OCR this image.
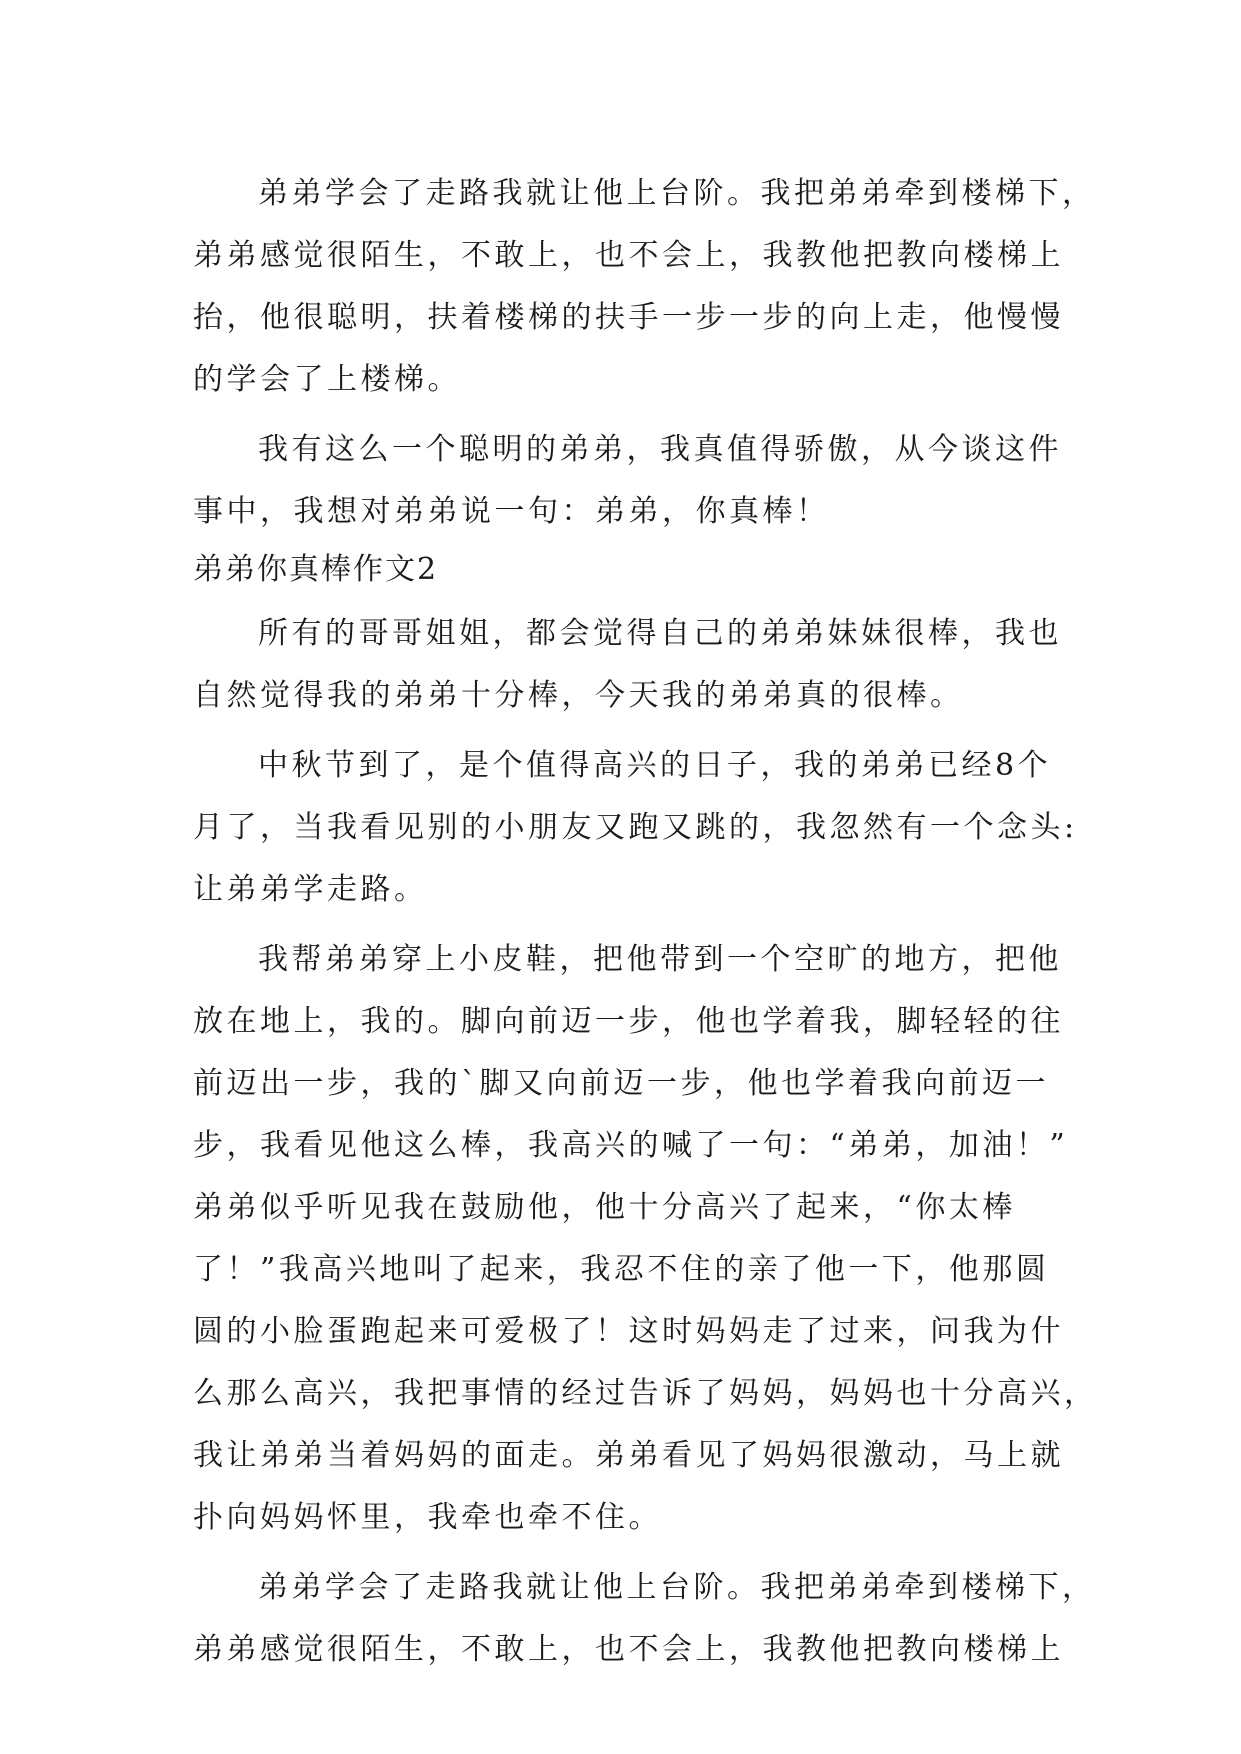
弟弟学会了走路我就让他上台阶。我把弟弟牵到楼梯下，
弟弟感觉很陌生，不敢上，也不会上，我教他把教向楼梯上
抬，他很聪明，扶着楼梯的扶手一步一步的向上走，他慢慢
的学会了上楼梯。
我有这么一个聪明的弟弟，我真值得骄傲，从今谈这件
事中，我想对弟弟说一句：弟弟，你真棒！
弟弟你真棒作文2
所有的哥哥姐姐，都会觉得自己的弟弟妹妹很棒，我也
自然觉得我的弟弟十分棒，今天我的弟弟真的很棒。
中秋节到了，是个值得高兴的日子，我的弟弟已经8个
月了，当我看见别的小朋友又跑又跳的，我忽然有一个念头:
让弟弟学走路。
我帮弟弟穿上小皮鞋，把他带到一个空旷的地方，把他
放在地上，我的。脚向前迈一步，他也学着我，脚轻轻的往
前迈出一步，我的`脚又向前迈一步，他也学着我向前迈一
步，我看见他这么棒，我高兴的喊了一句：“弟弟，加油！”
弟弟似乎听见我在鼓励他，他十分高兴了起来，“你太棒
了！”我高兴地叫了起来，我忍不住的亲了他一下，他那圆
圆的小脸蛋跑起来可爱极了！这时妈妈走了过来，问我为什
么那么高兴，我把事情的经过告诉了妈妈，妈妈也十分高兴，
我让弟弟当着妈妈的面走。弟弟看见了妈妈很激动，马上就
扑向妈妈怀里，我牵也牵不住。
弟弟学会了走路我就让他上台阶。我把弟弟牵到楼梯下，
弟弟感觉很陌生，不敢上，也不会上，我教他把教向楼梯上
